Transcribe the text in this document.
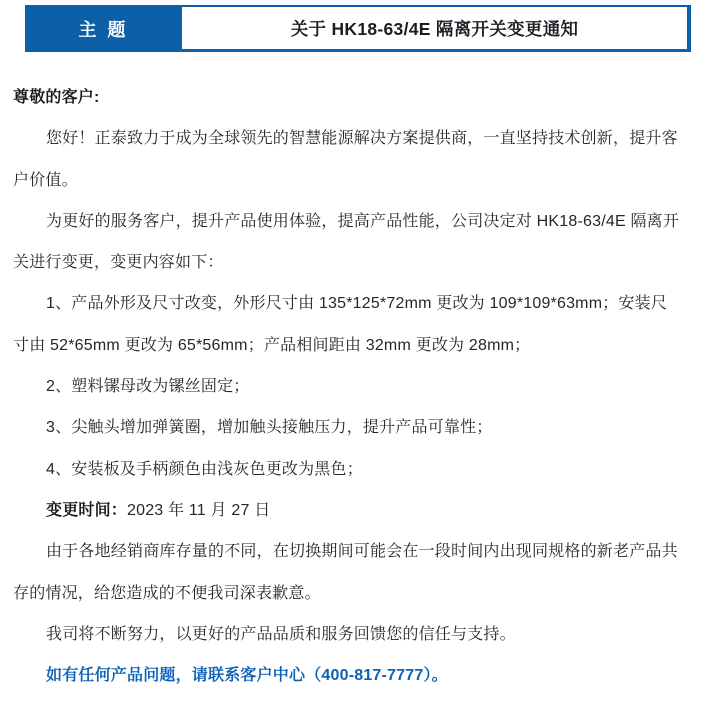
主 题	关于 HK18-63/4E 隔离开关变更通知
尊敬的客户:
您好！正泰致力于成为全球领先的智慧能源解决方案提供商，一直坚持技术创新，提升客
户价值。
为更好的服务客户，提升产品使用体验，提高产品性能，公司决定对 HK18-63/4E 隔离开
关进行变更，变更内容如下：
1、产品外形及尺寸改变，外形尺寸由 135*125*72mm 更改为 109*109*63mm；安装尺
寸由 52*65mm 更改为 65*56mm；产品相间距由 32mm 更改为 28mm；
2、塑料镙母改为镙丝固定；
3、尖触头增加弹簧圈，增加触头接触压力，提升产品可靠性；
4、安装板及手柄颜色由浅灰色更改为黑色；
变更时间：2023 年 11 月 27 日
由于各地经销商库存量的不同，在切换期间可能会在一段时间内出现同规格的新老产品共
存的情况，给您造成的不便我司深表歉意。
我司将不断努力，以更好的产品品质和服务回馈您的信任与支持。
如有任何产品问题，请联系客户中心（400-817-7777）。
